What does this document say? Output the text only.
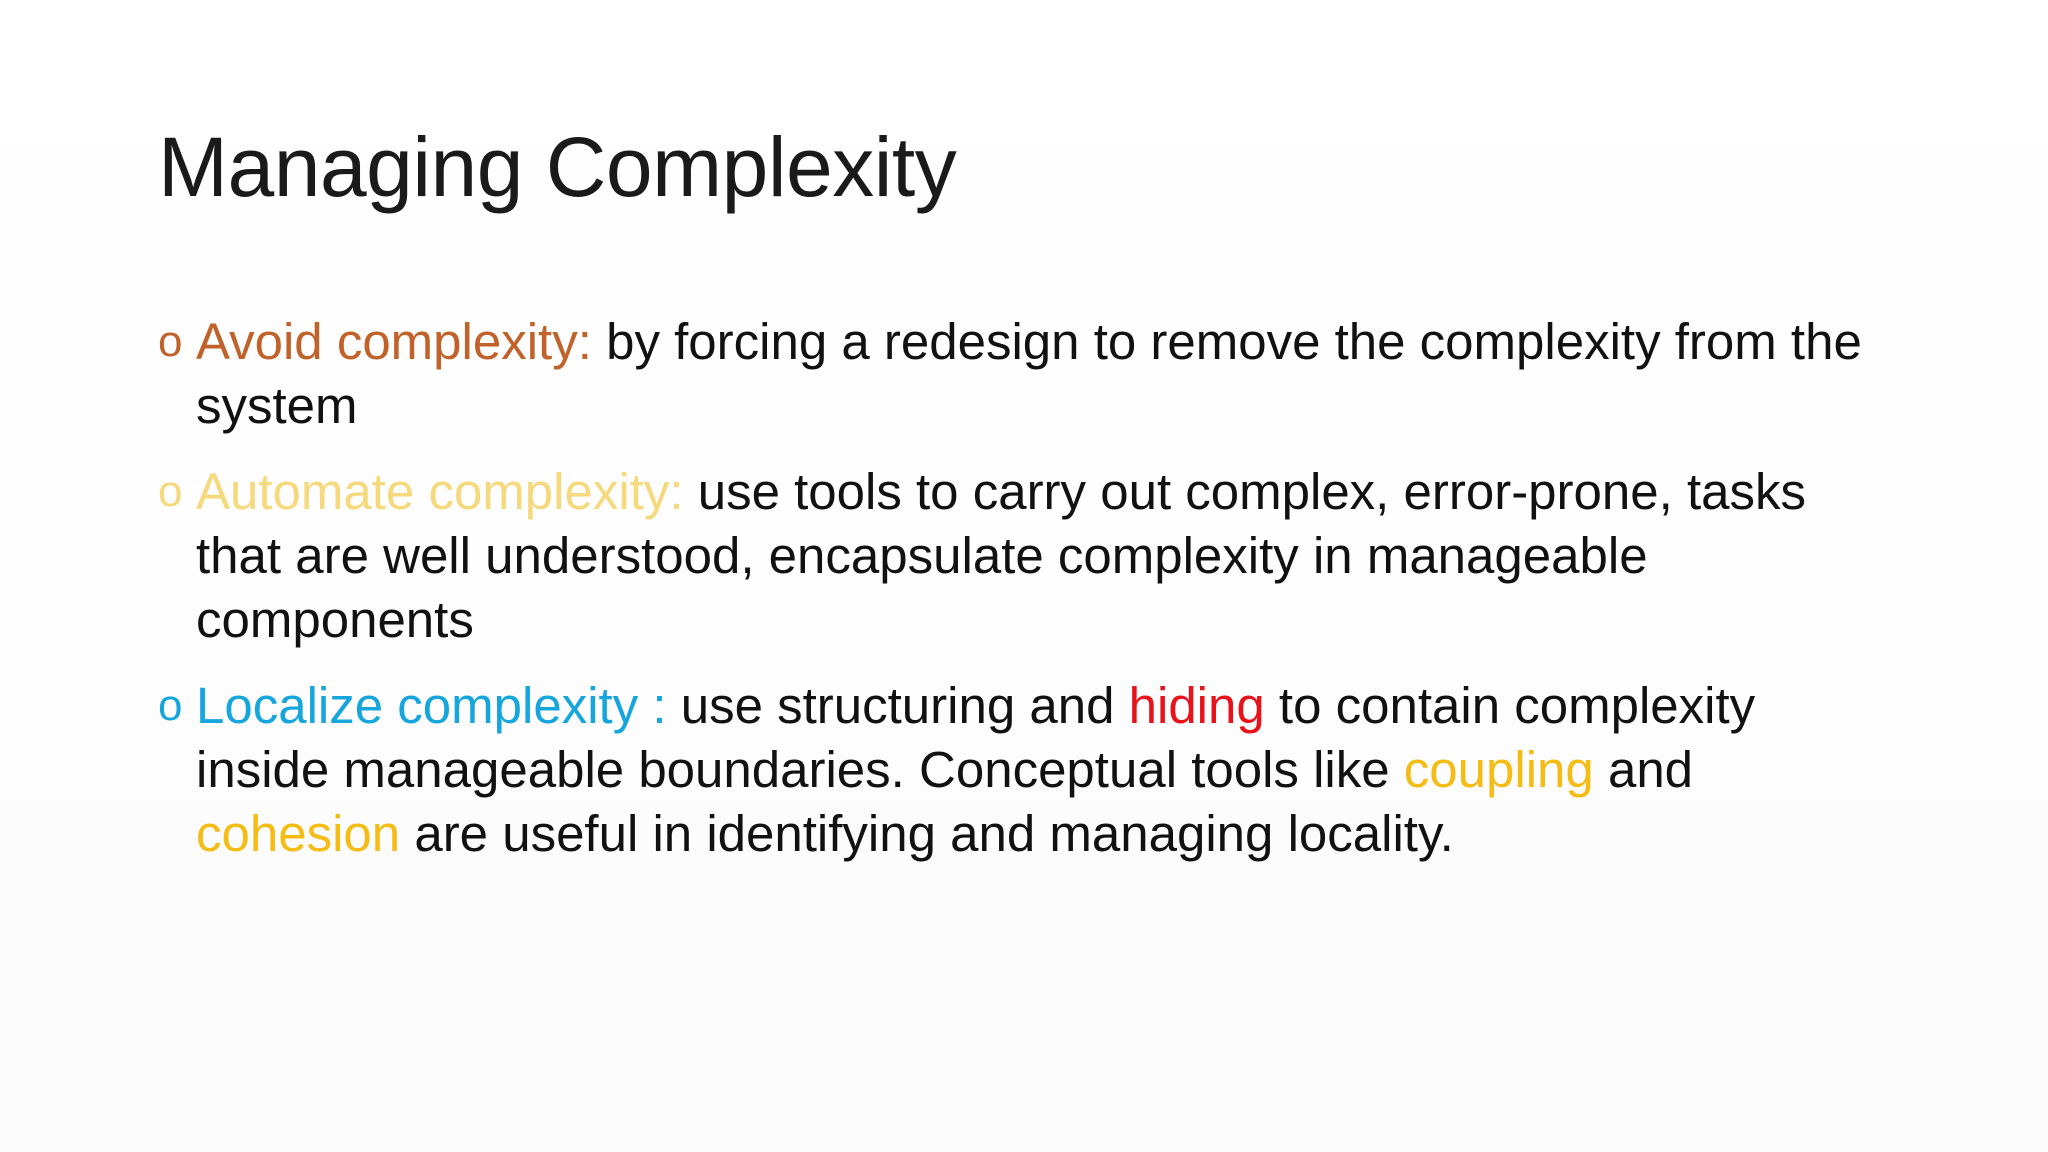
Managing Complexity
o Avoid complexity: by forcing a redesign to remove the complexity from the system
o Automate complexity: use tools to carry out complex, error-prone, tasks that are well understood, encapsulate complexity in manageable components
o Localize complexity : use structuring and hiding to contain complexity inside manageable boundaries. Conceptual tools like coupling and cohesion are useful in identifying and managing locality.
